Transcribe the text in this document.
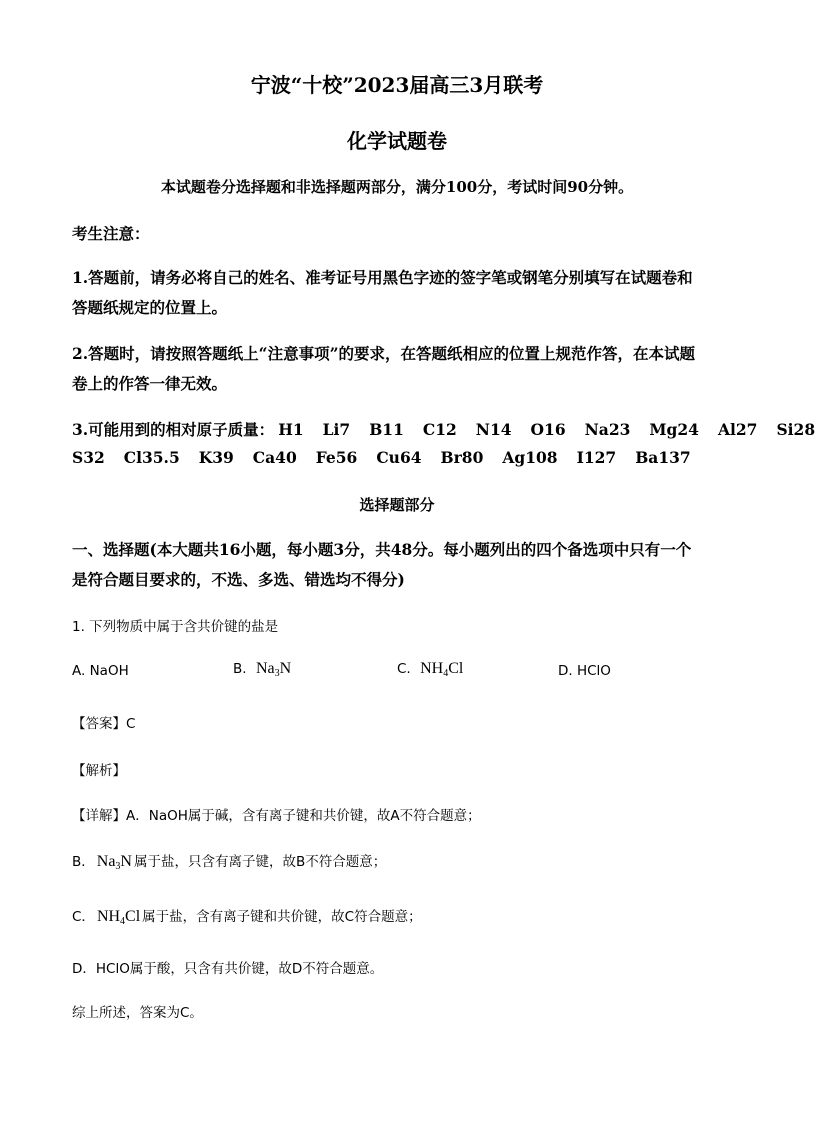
宁波“十校”2023届高三3月联考
化学试题卷
本试题卷分选择题和非选择题两部分，满分100分，考试时间90分钟。
考生注意：
1.答题前，请务必将自己的姓名、准考证号用黑色字迹的签字笔或钢笔分别填写在试题卷和
答题纸规定的位置上。
2.答题时，请按照答题纸上“注意事项”的要求，在答题纸相应的位置上规范作答，在本试题
卷上的作答一律无效。
3.可能用到的相对原子质量： H1 Li7 B11 C12 N14 O16 Na23 Mg24 Al27 Si28
S32 Cl35.5 K39 Ca40 Fe56 Cu64 Br80 Ag108 I127 Ba137
选择题部分
一、选择题(本大题共16小题，每小题3分，共48分。每小题列出的四个备选项中只有一个
是符合题目要求的，不选、多选、错选均不得分)
1. 下列物质中属于含共价键的盐是
A. NaOH	B. $Na_3N$	C. $NH_4Cl$	D. HClO
【答案】C
【解析】
【详解】A．NaOH属于碱，含有离子键和共价键，故A不符合题意；
B． $Na_3N$ 属于盐，只含有离子键，故B不符合题意；
C． $NH_4Cl$ 属于盐，含有离子键和共价键，故C符合题意；
D．HClO属于酸，只含有共价键，故D不符合题意。
综上所述，答案为C。
